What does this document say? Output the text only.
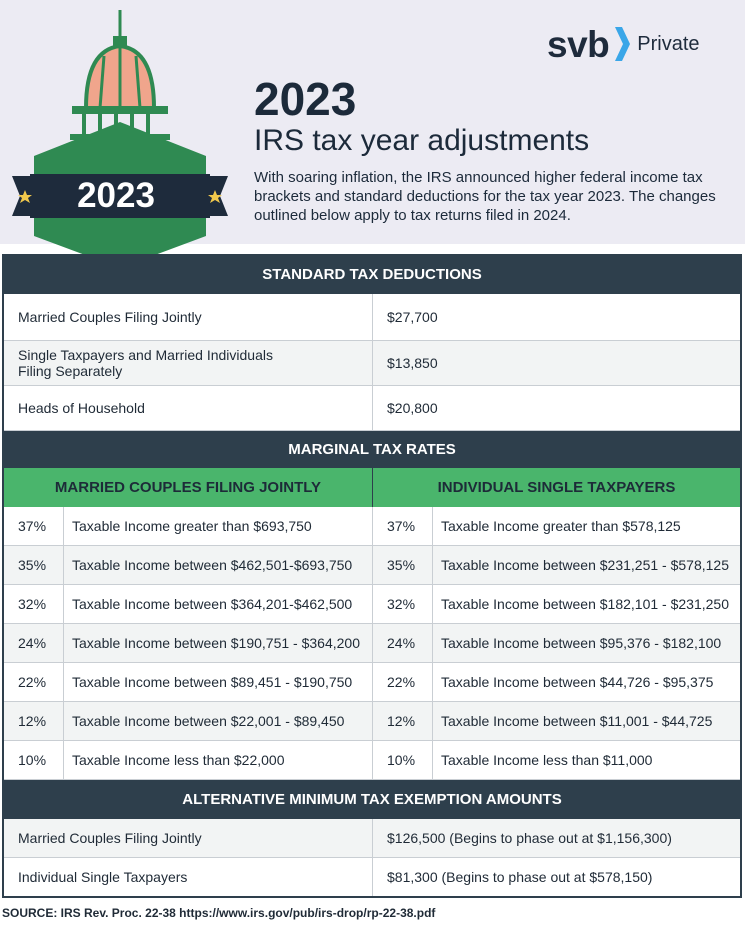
2023
svb Private
2023
IRS tax year adjustments
With soaring inflation, the IRS announced higher federal income tax brackets and standard deductions for the tax year 2023. The changes outlined below apply to tax returns filed in 2024.
STANDARD TAX DEDUCTIONS
Married Couples Filing Jointly	$27,700
Single Taxpayers and Married Individuals Filing Separately	$13,850
Heads of Household	$20,800
MARGINAL TAX RATES
MARRIED COUPLES FILING JOINTLY	INDIVIDUAL SINGLE TAXPAYERS
37%	Taxable Income greater than $693,750	37%	Taxable Income greater than $578,125
35%	Taxable Income between $462,501-$693,750	35%	Taxable Income between $231,251 - $578,125
32%	Taxable Income between $364,201-$462,500	32%	Taxable Income between $182,101 - $231,250
24%	Taxable Income between $190,751 - $364,200	24%	Taxable Income between $95,376 - $182,100
22%	Taxable Income between $89,451 - $190,750	22%	Taxable Income between $44,726 - $95,375
12%	Taxable Income between $22,001 - $89,450	12%	Taxable Income between $11,001 - $44,725
10%	Taxable Income less than $22,000	10%	Taxable Income less than $11,000
ALTERNATIVE MINIMUM TAX EXEMPTION AMOUNTS
Married Couples Filing Jointly	$126,500 (Begins to phase out at $1,156,300)
Individual Single Taxpayers	$81,300 (Begins to phase out at $578,150)
SOURCE: IRS Rev. Proc. 22-38 https://www.irs.gov/pub/irs-drop/rp-22-38.pdf
